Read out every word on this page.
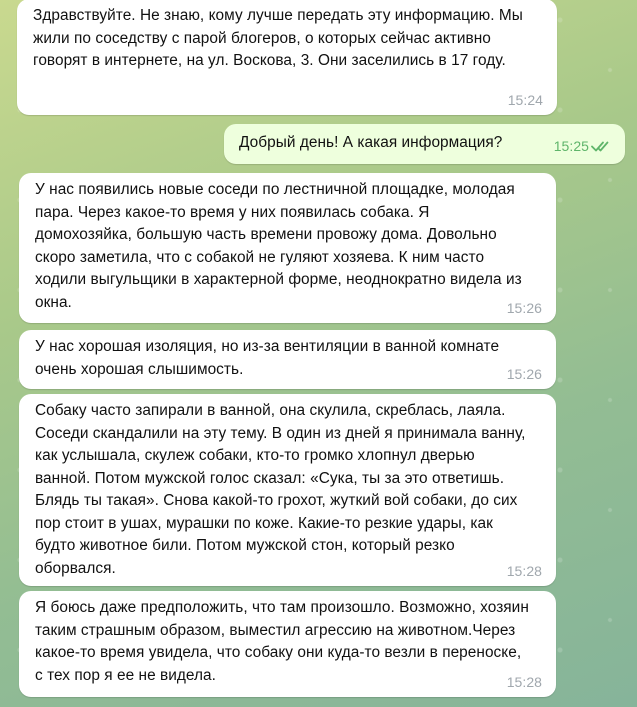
Здравствуйте. Не знаю, кому лучше передать эту информацию. Мы жили по соседству с парой блогеров, о которых сейчас активно говорят в интернете, на ул. Воскова, 3. Они заселились в 17 году.
15:24
Добрый день! А какая информация?	15:25
У нас появились новые соседи по лестничной площадке, молодая пара. Через какое-то время у них появилась собака. Я домохозяйка, большую часть времени провожу дома. Довольно скоро заметила, что с собакой не гуляют хозяева. К ним часто ходили выгульщики в характерной форме, неоднократно видела из окна.	15:26
У нас хорошая изоляция, но из-за вентиляции в ванной комнате очень хорошая слышимость.	15:26
Собаку часто запирали в ванной, она скулила, скреблась, лаяла. Соседи скандалили на эту тему. В один из дней я принимала ванну, как услышала, скулеж собаки, кто-то громко хлопнул дверью ванной. Потом мужской голос сказал: «Сука, ты за это ответишь. Блядь ты такая». Снова какой-то грохот, жуткий вой собаки, до сих пор стоит в ушах, мурашки по коже. Какие-то резкие удары, как будто животное били. Потом мужской стон, который резко оборвался.	15:28
Я боюсь даже предположить, что там произошло. Возможно, хозяин таким страшным образом, выместил агрессию на животном.Через какое-то время увидела, что собаку они куда-то везли в переноске, с тех пор я ее не видела.	15:28
